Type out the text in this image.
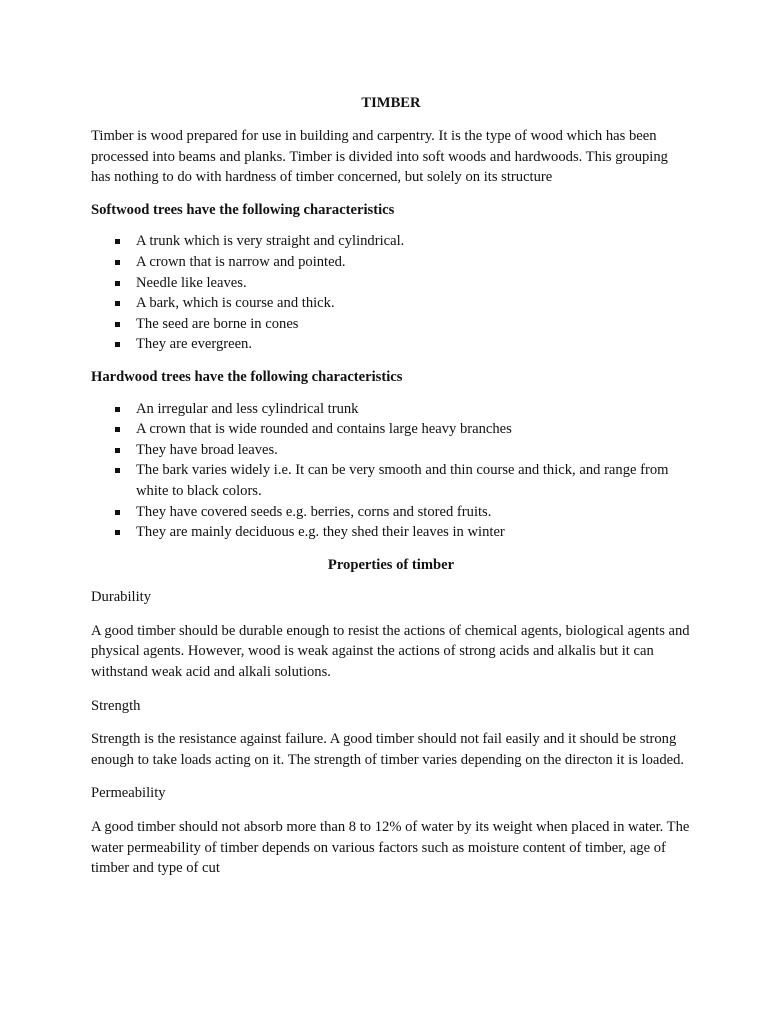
TIMBER

Timber is wood prepared for use in building and carpentry. It is the type of wood which has been processed into beams and planks. Timber is divided into soft woods and hardwoods. This grouping has nothing to do with hardness of timber concerned, but solely on its structure

Softwood trees have the following characteristics

A trunk which is very straight and cylindrical.
A crown that is narrow and pointed.
Needle like leaves.
A bark, which is course and thick.
The seed are borne in cones
They are evergreen.

Hardwood trees have the following characteristics

An irregular and less cylindrical trunk
A crown that is wide rounded and contains large heavy branches
They have broad leaves.
The bark varies widely i.e. It can be very smooth and thin course and thick, and range from white to black colors.
They have covered seeds e.g. berries, corns and stored fruits.
They are mainly deciduous e.g. they shed their leaves in winter

Properties of timber

Durability

A good timber should be durable enough to resist the actions of chemical agents, biological agents and physical agents. However, wood is weak against the actions of strong acids and alkalis but it can withstand weak acid and alkali solutions.

Strength

Strength is the resistance against failure. A good timber should not fail easily and it should be strong enough to take loads acting on it. The strength of timber varies depending on the directon it is loaded.

Permeability

A good timber should not absorb more than 8 to 12% of water by its weight when placed in water. The water permeability of timber depends on various factors such as moisture content of timber, age of timber and type of cut
